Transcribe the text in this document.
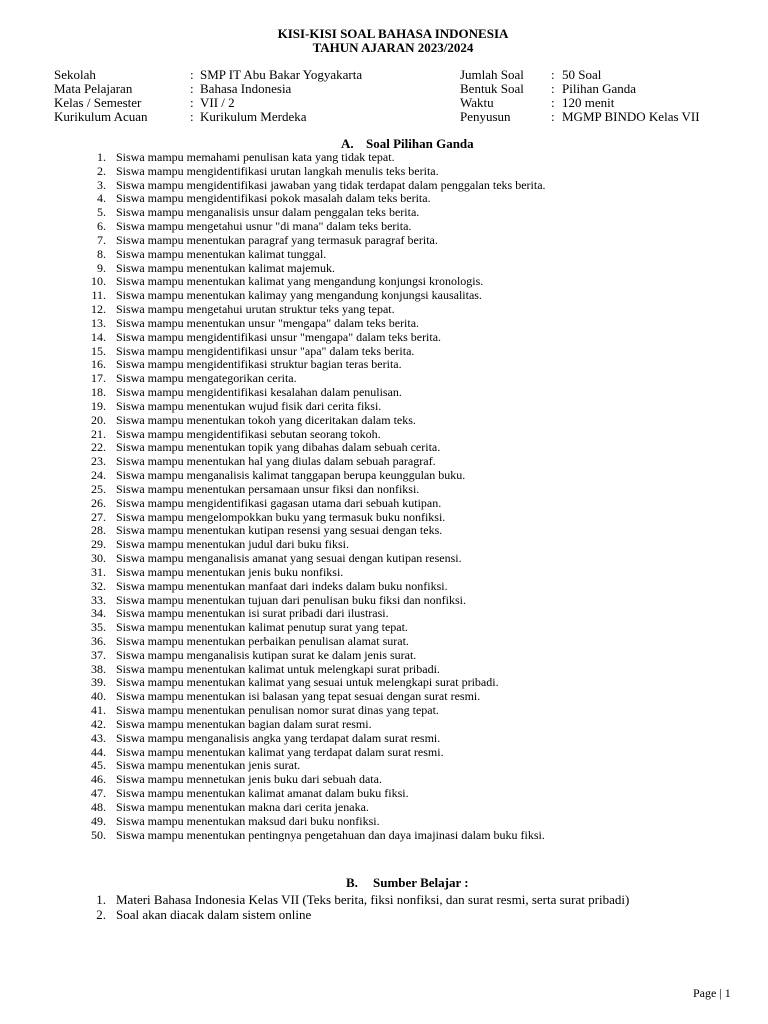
KISI-KISI SOAL BAHASA INDONESIA
TAHUN AJARAN 2023/2024
Sekolah	: SMP IT Abu Bakar Yogyakarta	Jumlah Soal : 50 Soal
Mata Pelajaran	: Bahasa Indonesia	Bentuk Soal : Pilihan Ganda
Kelas / Semester	: VII / 2	Waktu	: 120 menit
Kurikulum Acuan	: Kurikulum Merdeka	Penyusun	: MGMP BINDO Kelas VII
A. Soal Pilihan Ganda
1. Siswa mampu memahami penulisan kata yang tidak tepat.
2. Siswa mampu mengidentifikasi urutan langkah menulis teks berita.
3. Siswa mampu mengidentifikasi jawaban yang tidak terdapat dalam penggalan teks berita.
4. Siswa mampu mengidentifikasi pokok masalah dalam teks berita.
5. Siswa mampu menganalisis unsur dalam penggalan teks berita.
6. Siswa mampu mengetahui usnur "di mana" dalam teks berita.
7. Siswa mampu menentukan paragraf yang termasuk paragraf berita.
8. Siswa mampu menentukan kalimat tunggal.
9. Siswa mampu menentukan kalimat majemuk.
10. Siswa mampu menentukan kalimat yang mengandung konjungsi kronologis.
11. Siswa mampu menentukan kalimay yang mengandung konjungsi kausalitas.
12. Siswa mampu mengetahui urutan struktur teks yang tepat.
13. Siswa mampu menentukan unsur "mengapa" dalam teks berita.
14. Siswa mampu mengidentifikasi unsur "mengapa" dalam teks berita.
15. Siswa mampu mengidentifikasi unsur "apa" dalam teks berita.
16. Siswa mampu mengidentifikasi struktur bagian teras berita.
17. Siswa mampu mengategorikan cerita.
18. Siswa mampu mengidentifikasi kesalahan dalam penulisan.
19. Siswa mampu menentukan wujud fisik dari cerita fiksi.
20. Siswa mampu menentukan tokoh yang diceritakan dalam teks.
21. Siswa mampu mengidentifikasi sebutan seorang tokoh.
22. Siswa mampu menentukan topik yang dibahas dalam sebuah cerita.
23. Siswa mampu menentukan hal yang diulas dalam sebuah paragraf.
24. Siswa mampu menganalisis kalimat tanggapan berupa keunggulan buku.
25. Siswa mampu menentukan persamaan unsur fiksi dan nonfiksi.
26. Siswa mampu mengidentifikasi gagasan utama dari sebuah kutipan.
27. Siswa mampu mengelompokkan buku yang termasuk buku nonfiksi.
28. Siswa mampu menentukan kutipan resensi yang sesuai dengan teks.
29. Siswa mampu menentukan judul dari buku fiksi.
30. Siswa mampu menganalisis amanat yang sesuai dengan kutipan resensi.
31. Siswa mampu menentukan jenis buku nonfiksi.
32. Siswa mampu menentukan manfaat dari indeks dalam buku nonfiksi.
33. Siswa mampu menentukan tujuan dari penulisan buku fiksi dan nonfiksi.
34. Siswa mampu menentukan isi surat pribadi dari ilustrasi.
35. Siswa mampu menentukan kalimat penutup surat yang tepat.
36. Siswa mampu menentukan perbaikan penulisan alamat surat.
37. Siswa mampu menganalisis kutipan surat ke dalam jenis surat.
38. Siswa mampu menentukan kalimat untuk melengkapi surat pribadi.
39. Siswa mampu menentukan kalimat yang sesuai untuk melengkapi surat pribadi.
40. Siswa mampu menentukan isi balasan yang tepat sesuai dengan surat resmi.
41. Siswa mampu menentukan penulisan nomor surat dinas yang tepat.
42. Siswa mampu menentukan bagian dalam surat resmi.
43. Siswa mampu menganalisis angka yang terdapat dalam surat resmi.
44. Siswa mampu menentukan kalimat yang terdapat dalam surat resmi.
45. Siswa mampu menentukan jenis surat.
46. Siswa mampu mennetukan jenis buku dari sebuah data.
47. Siswa mampu menentukan kalimat amanat dalam buku fiksi.
48. Siswa mampu menentukan makna dari cerita jenaka.
49. Siswa mampu menentukan maksud dari buku nonfiksi.
50. Siswa mampu menentukan pentingnya pengetahuan dan daya imajinasi dalam buku fiksi.
B. Sumber Belajar :
1. Materi Bahasa Indonesia Kelas VII (Teks berita, fiksi nonfiksi, dan surat resmi, serta surat pribadi)
2. Soal akan diacak dalam sistem online
Page | 1
